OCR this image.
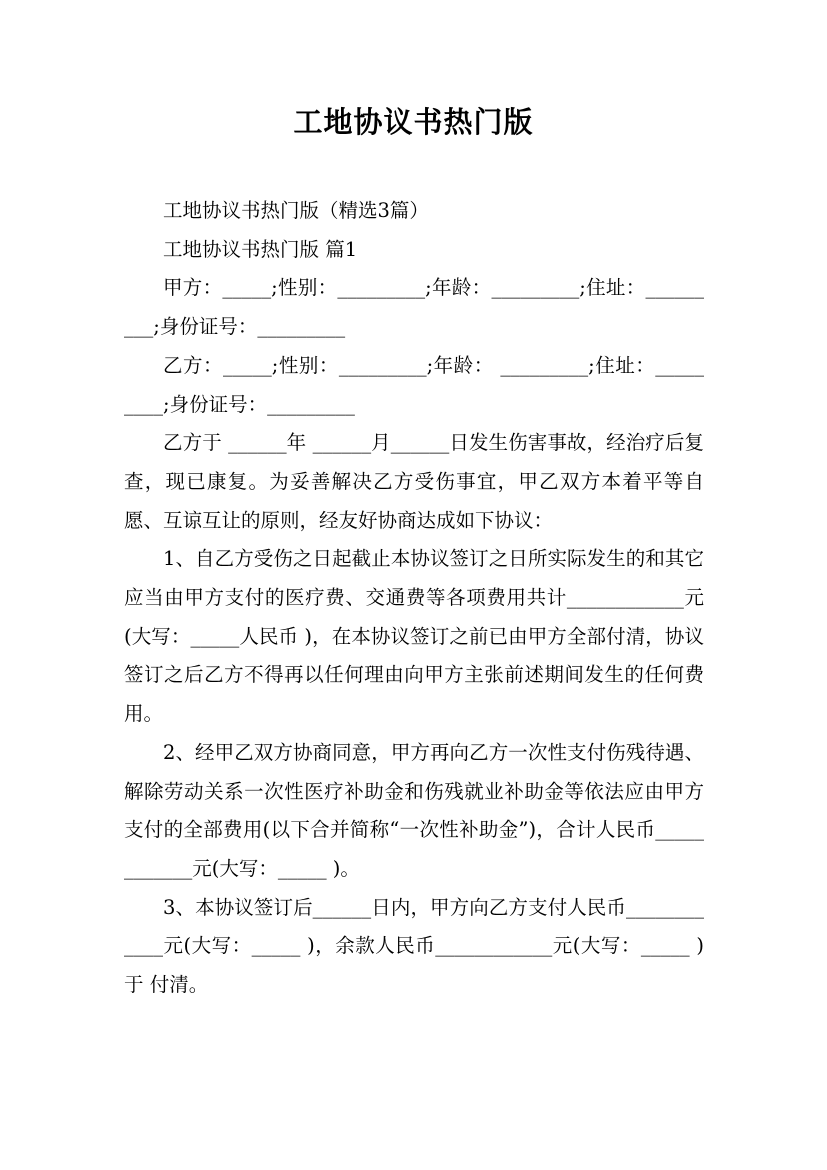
工地协议书热门版

工地协议书热门版（精选3篇）

工地协议书热门版 篇1

甲方：_____;性别：_________;年龄：_________;住址：_________;身份证号：_________

乙方：_____;性别：_________;年龄： _________;住址：_________;身份证号：_________

乙方于 ______年 ______月______日发生伤害事故，经治疗后复查，现已康复。为妥善解决乙方受伤事宜，甲乙双方本着平等自愿、互谅互让的原则，经友好协商达成如下协议：

1、自乙方受伤之日起截止本协议签订之日所实际发生的和其它应当由甲方支付的医疗费、交通费等各项费用共计____________元(大写：_____人民币 )，在本协议签订之前已由甲方全部付清，协议签订之后乙方不得再以任何理由向甲方主张前述期间发生的任何费用。

2、经甲乙双方协商同意，甲方再向乙方一次性支付伤残待遇、解除劳动关系一次性医疗补助金和伤残就业补助金等依法应由甲方支付的全部费用(以下合并简称“一次性补助金”)，合计人民币____________元(大写：_____ )。

3、本协议签订后______日内，甲方向乙方支付人民币____________元(大写：_____ )，余款人民币____________元(大写：_____ )于 付清。
